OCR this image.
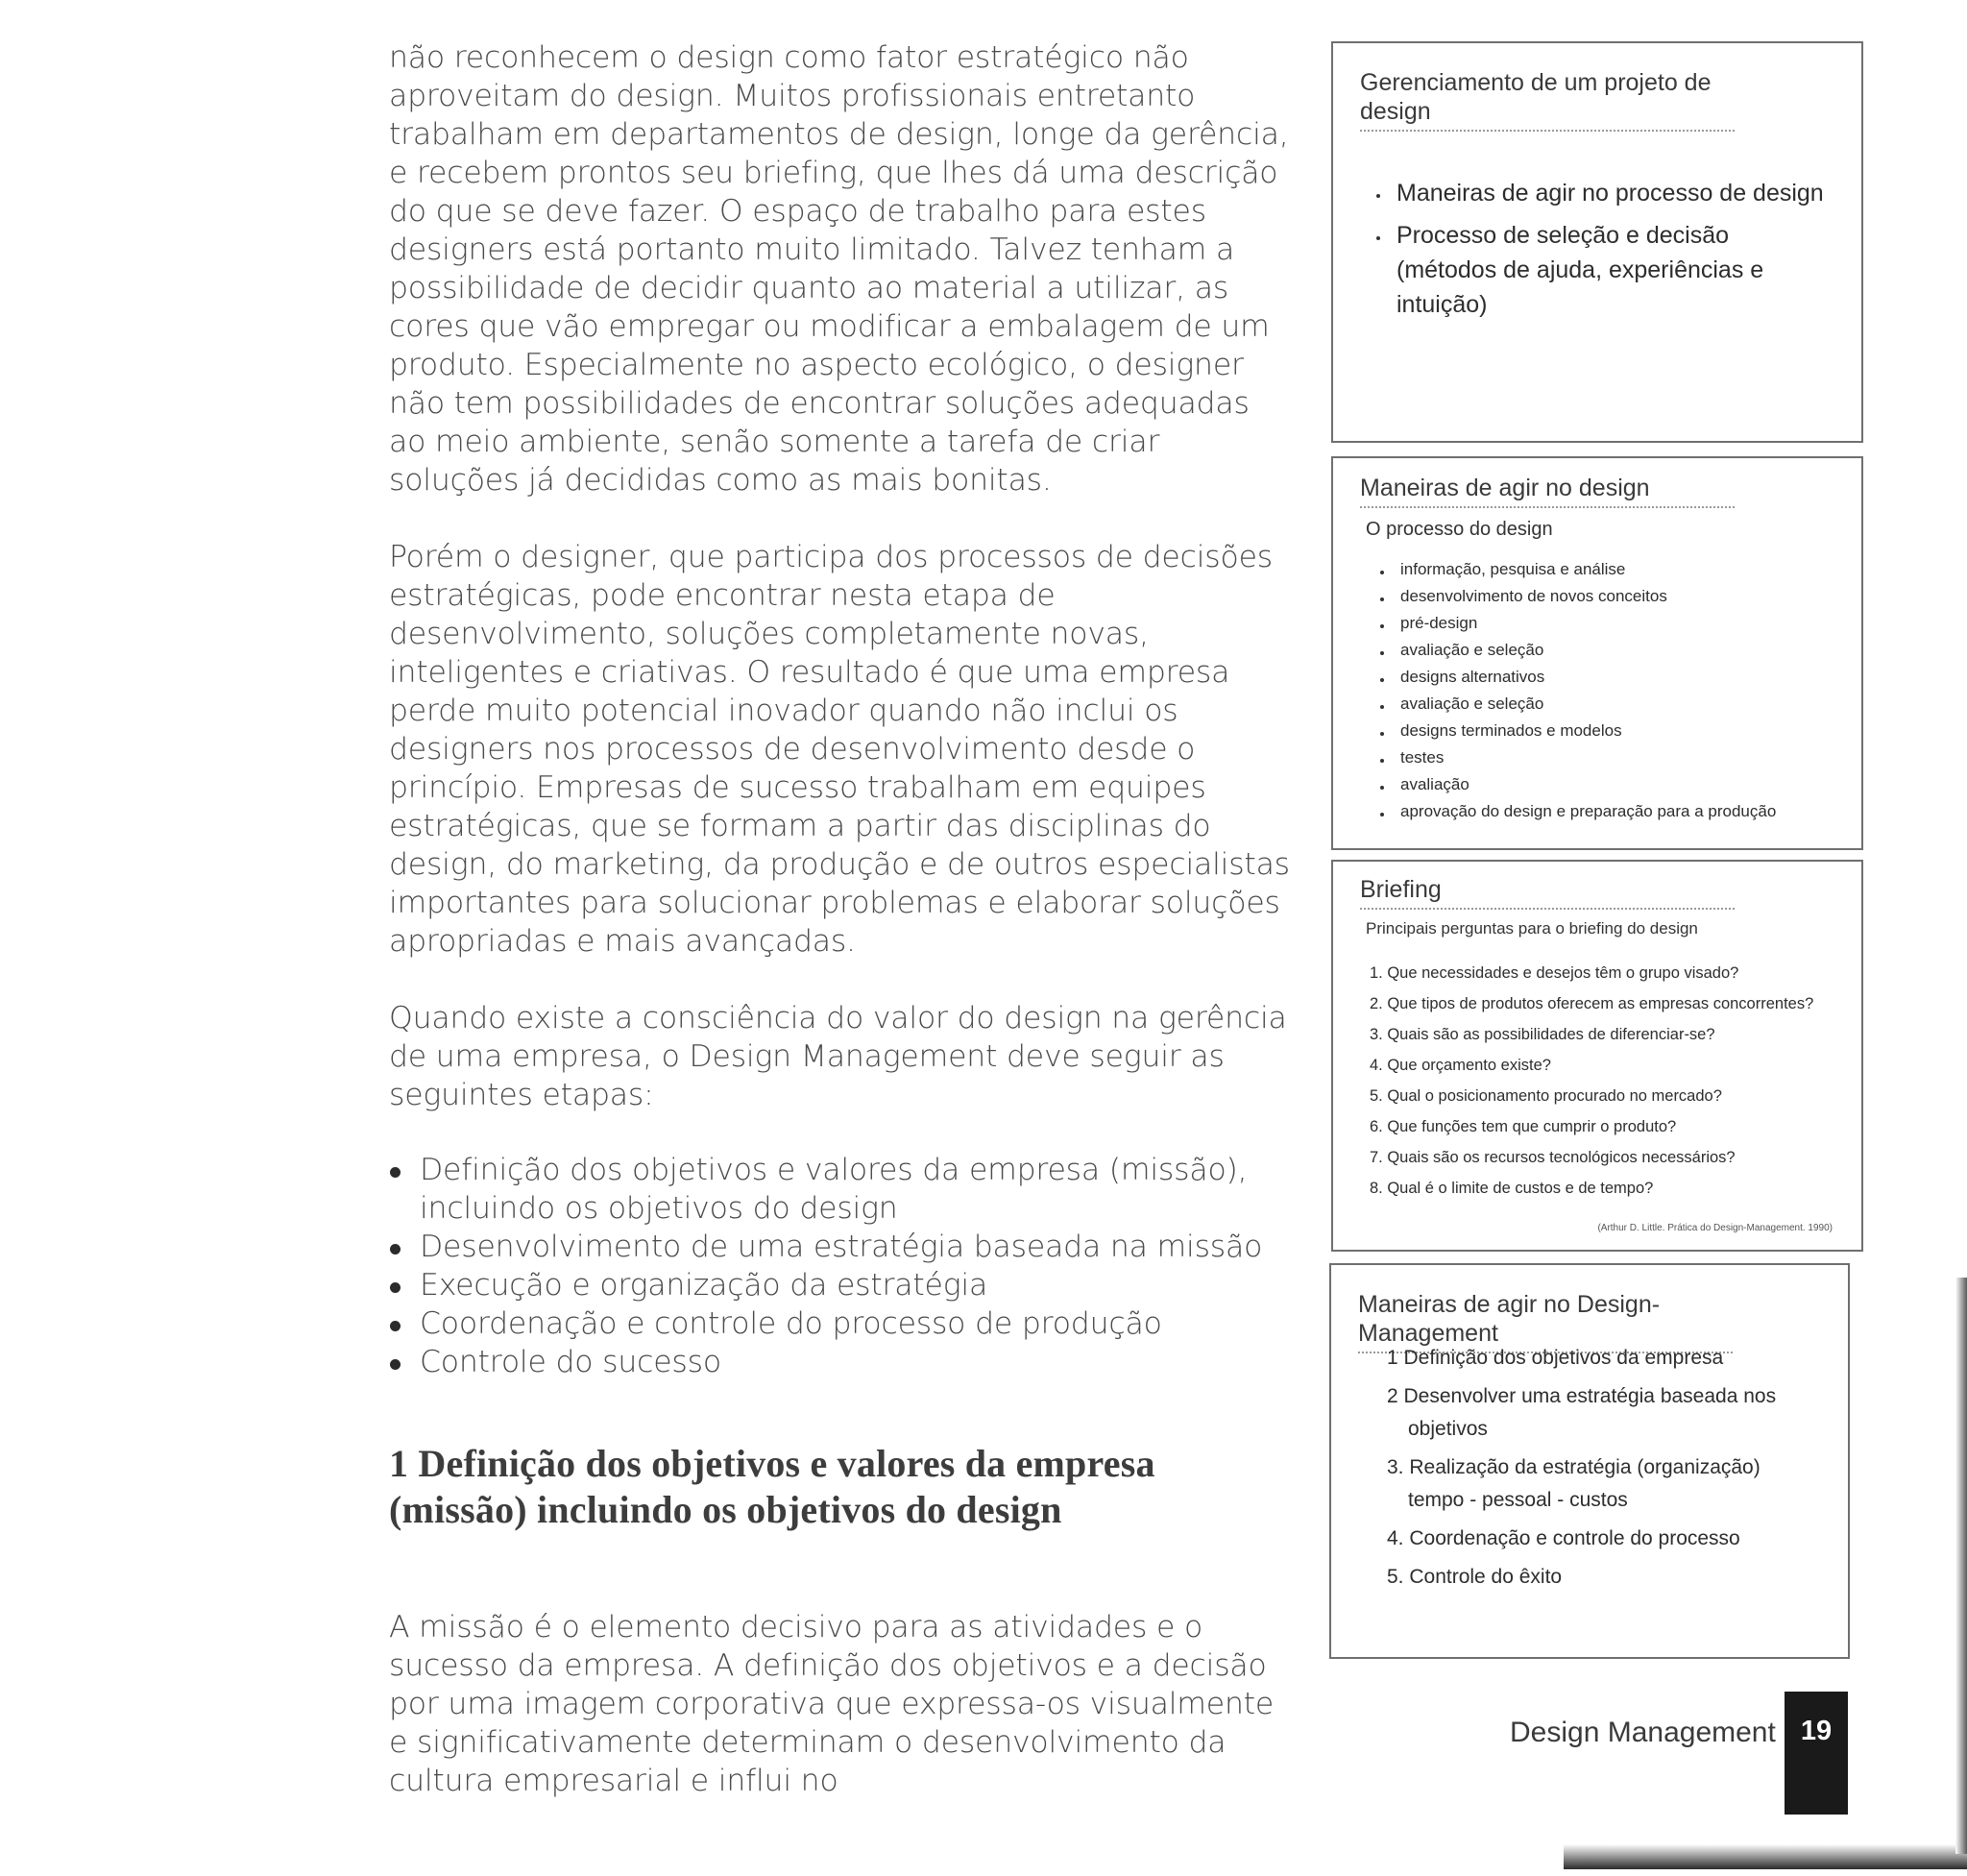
não reconhecem o design como fator estratégico não aproveitam do design. Muitos profissionais entretanto trabalham em departamentos de design, longe da gerência, e recebem prontos seu briefing, que lhes dá uma descrição do que se deve fazer. O espaço de trabalho para estes designers está portanto muito limitado. Talvez tenham a possibilidade de decidir quanto ao material a utilizar, as cores que vão empregar ou modificar a embalagem de um produto. Especialmente no aspecto ecológico, o designer não tem possibilidades de encontrar soluções adequadas ao meio ambiente, senão somente a tarefa de criar soluções já decididas como as mais bonitas.

Porém o designer, que participa dos processos de decisões estratégicas, pode encontrar nesta etapa de desenvolvimento, soluções completamente novas, inteligentes e criativas. O resultado é que uma empresa perde muito potencial inovador quando não inclui os designers nos processos de desenvolvimento desde o princípio. Empresas de sucesso trabalham em equipes estratégicas, que se formam a partir das disciplinas do design, do marketing, da produção e de outros especialistas importantes para solucionar problemas e elaborar soluções apropriadas e mais avançadas.

Quando existe a consciência do valor do design na gerência de uma empresa, o Design Management deve seguir as seguintes etapas:

Definição dos objetivos e valores da empresa (missão), incluindo os objetivos do design
Desenvolvimento de uma estratégia baseada na missão
Execução e organização da estratégia
Coordenação e controle do processo de produção
Controle do sucesso
1 Definição dos objetivos e valores da empresa (missão) incluindo os objetivos do design

A missão é o elemento decisivo para as atividades e o sucesso da empresa. A definição dos objetivos e a decisão por uma imagem corporativa que expressa-os visualmente e significativamente determinam o desenvolvimento da cultura empresarial e influi no

Gerenciamento de um projeto de design
Maneiras de agir no processo de design
Processo de seleção e decisão
(métodos de ajuda, experiências e intuição)
Maneiras de agir no design
O processo do design
informação, pesquisa e análise
desenvolvimento de novos conceitos
pré-design
avaliação e seleção
designs alternativos
avaliação e seleção
designs terminados e modelos
testes
avaliação
aprovação do design e preparação para a produção
Briefing
Principais perguntas para o briefing do design
1. Que necessidades e desejos têm o grupo visado?
2. Que tipos de produtos oferecem as empresas concorrentes?
3. Quais são as possibilidades de diferenciar-se?
4. Que orçamento existe?
5. Qual o posicionamento procurado no mercado?
6. Que funções tem que cumprir o produto?
7. Quais são os recursos tecnológicos necessários?
8. Qual é o limite de custos e de tempo?
(Arthur D. Little. Prática do Design-Management. 1990)
Maneiras de agir no Design-Management
1 Definição dos objetivos da empresa
2 Desenvolver uma estratégia baseada nos
objetivos
3. Realização da estratégia (organização)
tempo - pessoal - custos
4. Coordenação e controle do processo
5. Controle do êxito
Design Management 19
